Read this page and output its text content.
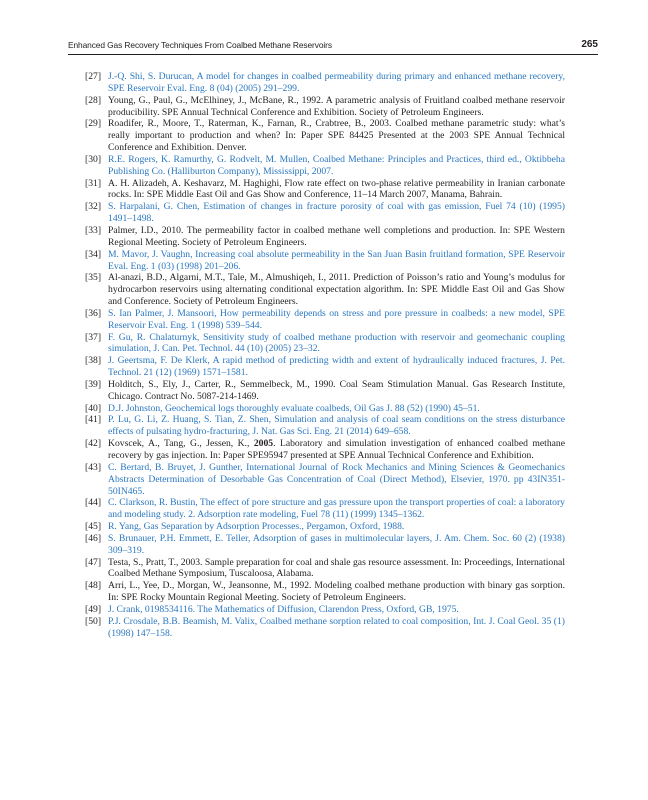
Enhanced Gas Recovery Techniques From Coalbed Methane Reservoirs	265
[27] J.-Q. Shi, S. Durucan, A model for changes in coalbed permeability during primary and enhanced methane recovery, SPE Reservoir Eval. Eng. 8 (04) (2005) 291–299.
[28] Young, G., Paul, G., McElhiney, J., McBane, R., 1992. A parametric analysis of Fruitland coalbed methane reservoir producibility. SPE Annual Technical Conference and Exhibition. Society of Petroleum Engineers.
[29] Roadifer, R., Moore, T., Raterman, K., Farnan, R., Crabtree, B., 2003. Coalbed methane parametric study: what’s really important to production and when? In: Paper SPE 84425 Presented at the 2003 SPE Annual Technical Conference and Exhibition. Denver.
[30] R.E. Rogers, K. Ramurthy, G. Rodvelt, M. Mullen, Coalbed Methane: Principles and Practices, third ed., Oktibbeha Publishing Co. (Halliburton Company), Mississippi, 2007.
[31] A. H. Alizadeh, A. Keshavarz, M. Haghighi, Flow rate effect on two-phase relative permeability in Iranian carbonate rocks. In: SPE Middle East Oil and Gas Show and Conference, 11–14 March 2007, Manama, Bahrain.
[32] S. Harpalani, G. Chen, Estimation of changes in fracture porosity of coal with gas emission, Fuel 74 (10) (1995) 1491–1498.
[33] Palmer, I.D., 2010. The permeability factor in coalbed methane well completions and production. In: SPE Western Regional Meeting. Society of Petroleum Engineers.
[34] M. Mavor, J. Vaughn, Increasing coal absolute permeability in the San Juan Basin fruitland formation, SPE Reservoir Eval. Eng. 1 (03) (1998) 201–206.
[35] Al-anazi, B.D., Algarni, M.T., Tale, M., Almushiqeh, I., 2011. Prediction of Poisson’s ratio and Young’s modulus for hydrocarbon reservoirs using alternating conditional expectation algorithm. In: SPE Middle East Oil and Gas Show and Conference. Society of Petroleum Engineers.
[36] S. Ian Palmer, J. Mansoori, How permeability depends on stress and pore pressure in coalbeds: a new model, SPE Reservoir Eval. Eng. 1 (1998) 539–544.
[37] F. Gu, R. Chalaturnyk, Sensitivity study of coalbed methane production with reservoir and geomechanic coupling simulation, J. Can. Pet. Technol. 44 (10) (2005) 23–32.
[38] J. Geertsma, F. De Klerk, A rapid method of predicting width and extent of hydraulically induced fractures, J. Pet. Technol. 21 (12) (1969) 1571–1581.
[39] Holditch, S., Ely, J., Carter, R., Semmelbeck, M., 1990. Coal Seam Stimulation Manual. Gas Research Institute, Chicago. Contract No. 5087-214-1469.
[40] D.J. Johnston, Geochemical logs thoroughly evaluate coalbeds, Oil Gas J. 88 (52) (1990) 45–51.
[41] P. Lu, G. Li, Z. Huang, S. Tian, Z. Shen, Simulation and analysis of coal seam conditions on the stress disturbance effects of pulsating hydro-fracturing, J. Nat. Gas Sci. Eng. 21 (2014) 649–658.
[42] Kovscek, A., Tang, G., Jessen, K., 2005. Laboratory and simulation investigation of enhanced coalbed methane recovery by gas injection. In: Paper SPE95947 presented at SPE Annual Technical Conference and Exhibition.
[43] C. Bertard, B. Bruyet, J. Gunther, International Journal of Rock Mechanics and Mining Sciences & Geomechanics Abstracts Determination of Desorbable Gas Concentration of Coal (Direct Method), Elsevier, 1970. pp 43IN351-50IN465.
[44] C. Clarkson, R. Bustin, The effect of pore structure and gas pressure upon the transport properties of coal: a laboratory and modeling study. 2. Adsorption rate modeling, Fuel 78 (11) (1999) 1345–1362.
[45] R. Yang, Gas Separation by Adsorption Processes., Pergamon, Oxford, 1988.
[46] S. Brunauer, P.H. Emmett, E. Teller, Adsorption of gases in multimolecular layers, J. Am. Chem. Soc. 60 (2) (1938) 309–319.
[47] Testa, S., Pratt, T., 2003. Sample preparation for coal and shale gas resource assessment. In: Proceedings, International Coalbed Methane Symposium, Tuscaloosa, Alabama.
[48] Arri, L., Yee, D., Morgan, W., Jeansonne, M., 1992. Modeling coalbed methane production with binary gas sorption. In: SPE Rocky Mountain Regional Meeting. Society of Petroleum Engineers.
[49] J. Crank, 0198534116. The Mathematics of Diffusion, Clarendon Press, Oxford, GB, 1975.
[50] P.J. Crosdale, B.B. Beamish, M. Valix, Coalbed methane sorption related to coal composition, Int. J. Coal Geol. 35 (1) (1998) 147–158.
